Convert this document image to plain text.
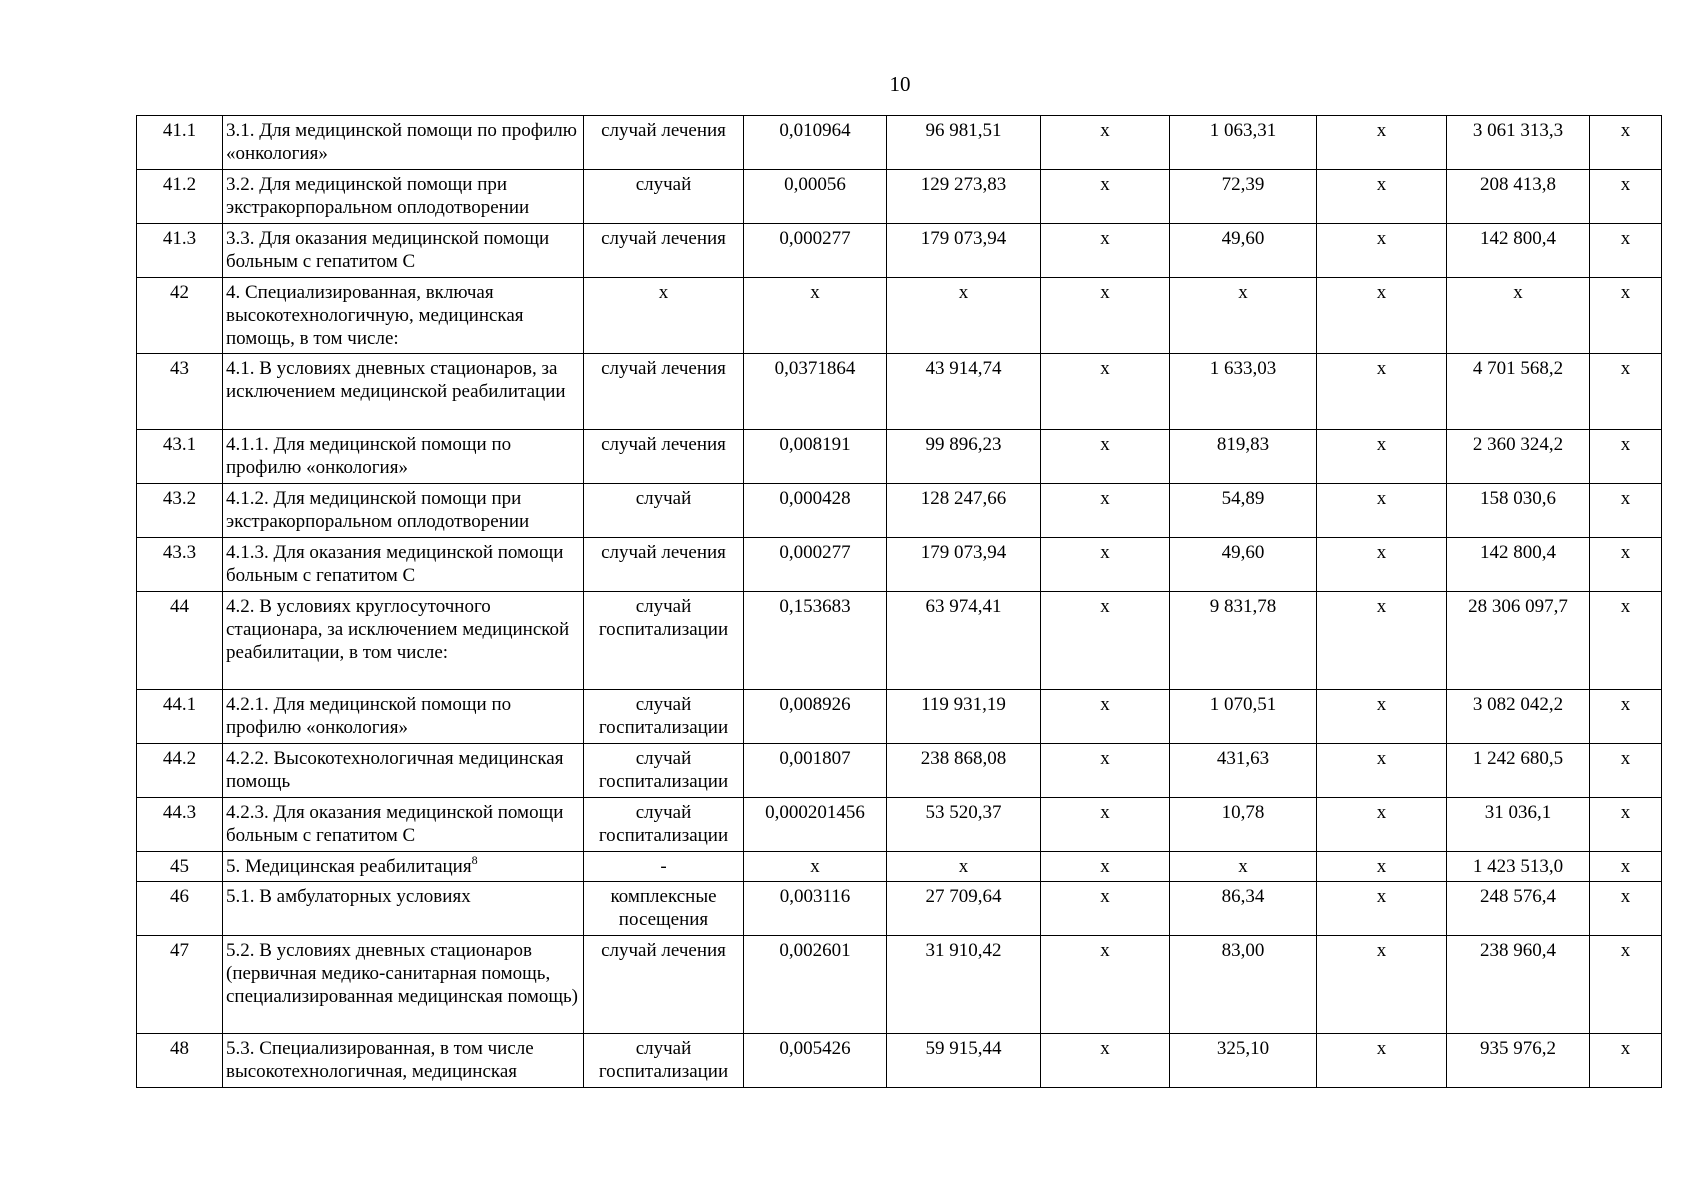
10
41.1	3.1. Для медицинской помощи по профилю «онкология»	случай лечения	0,010964	96 981,51	х	1 063,31	х	3 061 313,3	х
41.2	3.2. Для медицинской помощи при экстракорпоральном оплодотворении	случай	0,00056	129 273,83	х	72,39	х	208 413,8	х
41.3	3.3. Для оказания медицинской помощи больным с гепатитом С	случай лечения	0,000277	179 073,94	х	49,60	х	142 800,4	х
42	4. Специализированная, включая высокотехнологичную, медицинская помощь, в том числе:	х	х	х	х	х	х	х	х
43	4.1. В условиях дневных стационаров, за исключением медицинской реабилитации	случай лечения	0,0371864	43 914,74	х	1 633,03	х	4 701 568,2	х
43.1	4.1.1. Для медицинской помощи по профилю «онкология»	случай лечения	0,008191	99 896,23	х	819,83	х	2 360 324,2	х
43.2	4.1.2. Для медицинской помощи при экстракорпоральном оплодотворении	случай	0,000428	128 247,66	х	54,89	х	158 030,6	х
43.3	4.1.3. Для оказания медицинской помощи больным с гепатитом С	случай лечения	0,000277	179 073,94	х	49,60	х	142 800,4	х
44	4.2. В условиях круглосуточного стационара, за исключением медицинской реабилитации, в том числе:	случай госпитализации	0,153683	63 974,41	х	9 831,78	х	28 306 097,7	х
44.1	4.2.1. Для медицинской помощи по профилю «онкология»	случай госпитализации	0,008926	119 931,19	х	1 070,51	х	3 082 042,2	х
44.2	4.2.2. Высокотехнологичная медицинская помощь	случай госпитализации	0,001807	238 868,08	х	431,63	х	1 242 680,5	х
44.3	4.2.3. Для оказания медицинской помощи больным с гепатитом С	случай госпитализации	0,000201456	53 520,37	х	10,78	х	31 036,1	х
45	5. Медицинская реабилитация$^8$	-	х	х	х	х	х	1 423 513,0	х
46	5.1. В амбулаторных условиях	комплексные посещения	0,003116	27 709,64	х	86,34	х	248 576,4	х
47	5.2. В условиях дневных стационаров (первичная медико-санитарная помощь, специализированная медицинская помощь)	случай лечения	0,002601	31 910,42	х	83,00	х	238 960,4	х
48	5.3. Специализированная, в том числе высокотехнологичная, медицинская	случай госпитализации	0,005426	59 915,44	х	325,10	х	935 976,2	х
